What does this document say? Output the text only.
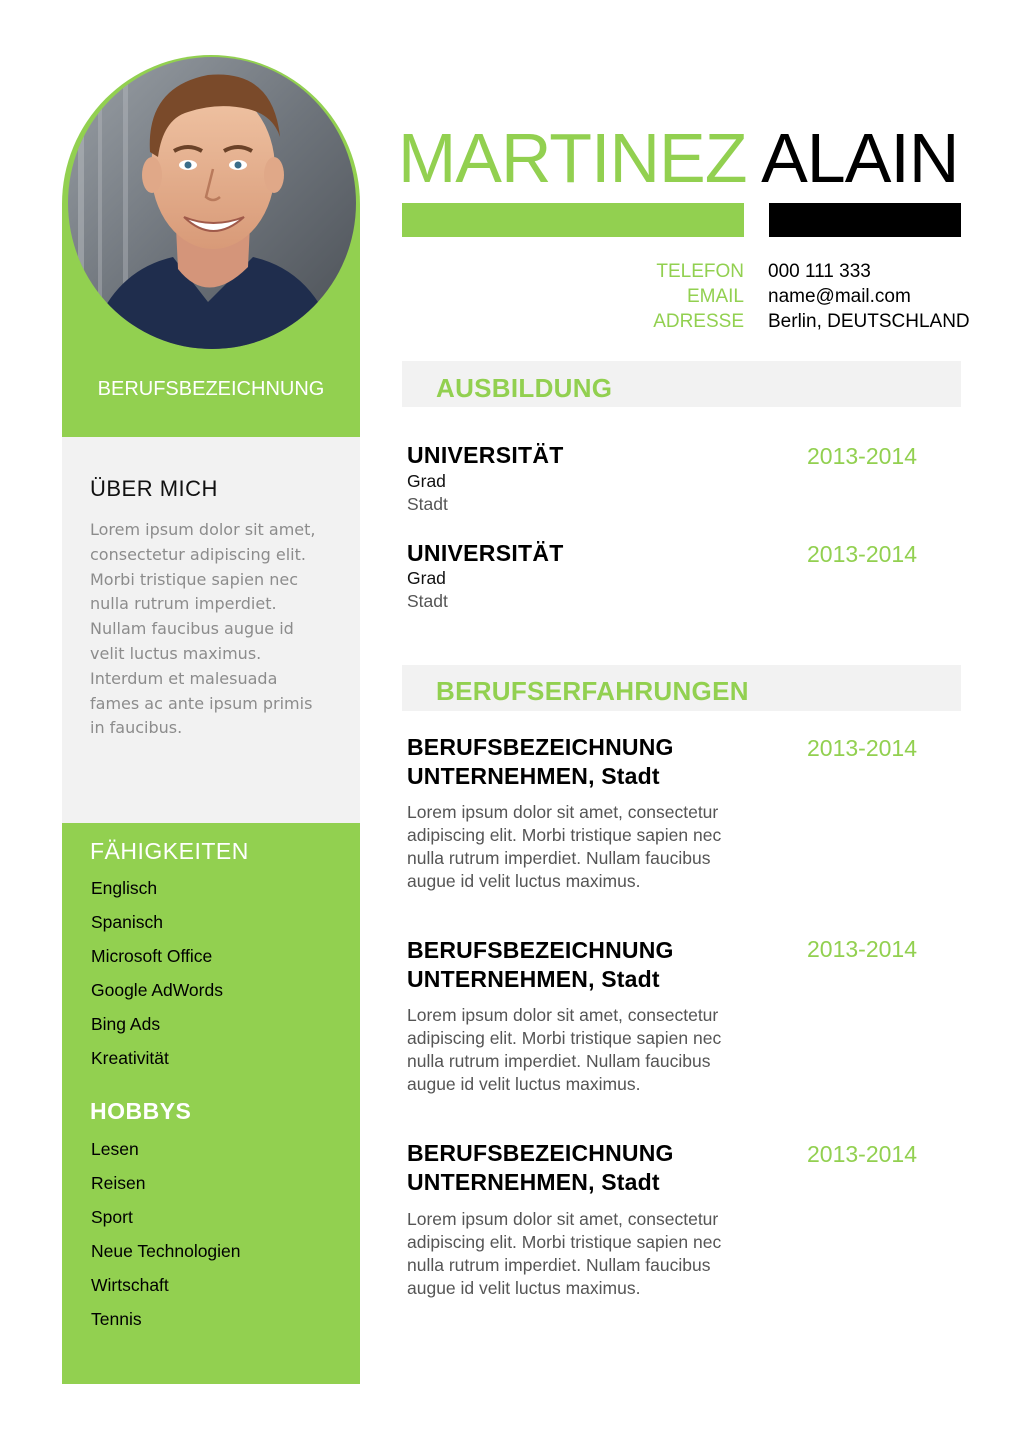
BERUFSBEZEICHNUNG
ÜBER MICH
Lorem ipsum dolor sit amet,
consectetur adipiscing elit.
Morbi tristique sapien nec
nulla rutrum imperdiet.
Nullam faucibus augue id
velit luctus maximus.
Interdum et malesuada
fames ac ante ipsum primis
in faucibus.
FÄHIGKEITEN
Englisch
Spanisch
Microsoft Office
Google AdWords
Bing Ads
Kreativität
HOBBYS
Lesen
Reisen
Sport
Neue Technologien
Wirtschaft
Tennis
MARTINEZ ALAIN
TELEFON
EMAIL
ADRESSE
000 111 333
name@mail.com
Berlin, DEUTSCHLAND
AUSBILDUNG
UNIVERSITÄT	2013-2014
Grad
Stadt
UNIVERSITÄT	2013-2014
Grad
Stadt
BERUFSERFAHRUNGEN
BERUFSBEZEICHNUNG
UNTERNEHMEN, Stadt
2013-2014
Lorem ipsum dolor sit amet, consectetur adipiscing elit. Morbi tristique sapien nec nulla rutrum imperdiet. Nullam faucibus augue id velit luctus maximus.
BERUFSBEZEICHNUNG
UNTERNEHMEN, Stadt
2013-2014
Lorem ipsum dolor sit amet, consectetur adipiscing elit. Morbi tristique sapien nec nulla rutrum imperdiet. Nullam faucibus augue id velit luctus maximus.
BERUFSBEZEICHNUNG
UNTERNEHMEN, Stadt
2013-2014
Lorem ipsum dolor sit amet, consectetur adipiscing elit. Morbi tristique sapien nec nulla rutrum imperdiet. Nullam faucibus augue id velit luctus maximus.
